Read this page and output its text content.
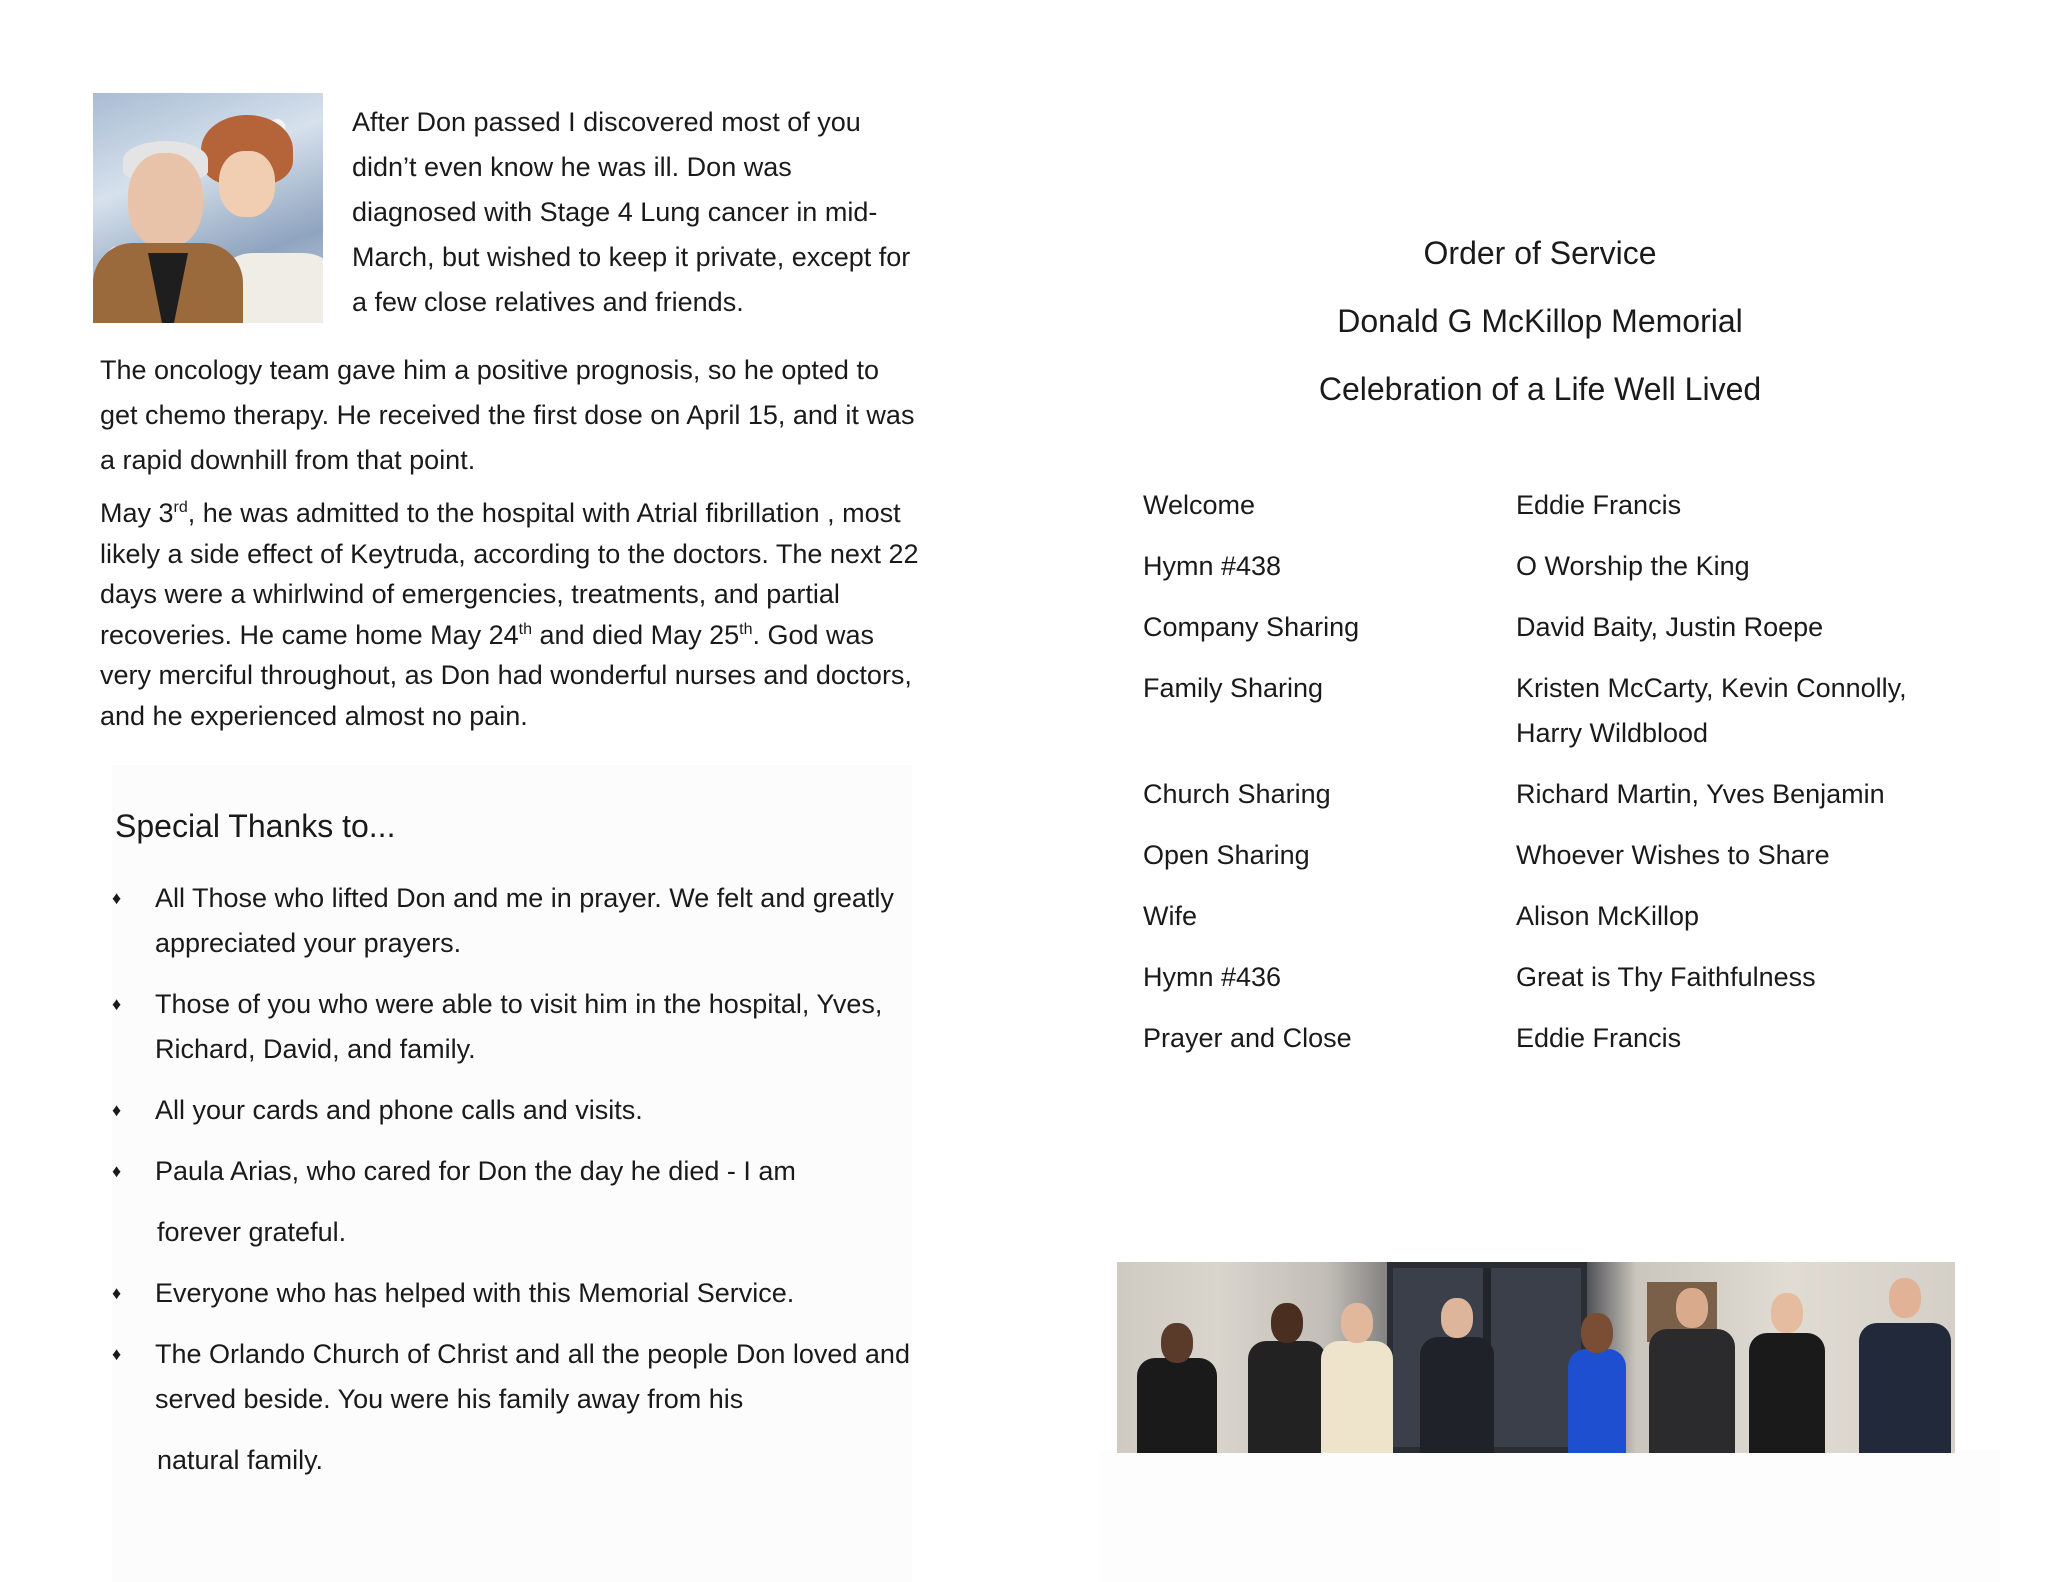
After Don passed I discovered most of you didn’t even know he was ill. Don was diagnosed with Stage 4 Lung cancer in mid-March, but wished to keep it private, except for a few close relatives and friends.

The oncology team gave him a positive prognosis, so he opted to get chemo therapy. He received the first dose on April 15, and it was a rapid downhill from that point.

May 3rd, he was admitted to the hospital with Atrial fibrillation , most likely a side effect of Keytruda, according to the doctors. The next 22 days were a whirlwind of emergencies, treatments, and partial recoveries. He came home May 24th and died May 25th. God was very merciful throughout, as Don had wonderful nurses and doctors, and he experienced almost no pain.

Special Thanks to...
♦ All Those who lifted Don and me in prayer. We felt and greatly appreciated your prayers.
♦ Those of you who were able to visit him in the hospital, Yves, Richard, David, and family.
♦ All your cards and phone calls and visits.
♦ Paula Arias, who cared for Don the day he died - I am
forever grateful.
♦ Everyone who has helped with this Memorial Service.
♦ The Orlando Church of Christ and all the people Don loved and served beside. You were his family away from his
natural family.
Order of Service
Donald G McKillop Memorial
Celebration of a Life Well Lived
Welcome	Eddie Francis
Hymn #438	O Worship the King
Company Sharing	David Baity, Justin Roepe
Family Sharing	Kristen McCarty, Kevin Connolly, Harry Wildblood
Church Sharing	Richard Martin, Yves Benjamin
Open Sharing	Whoever Wishes to Share
Wife	Alison McKillop
Hymn #436	Great is Thy Faithfulness
Prayer and Close	Eddie Francis
